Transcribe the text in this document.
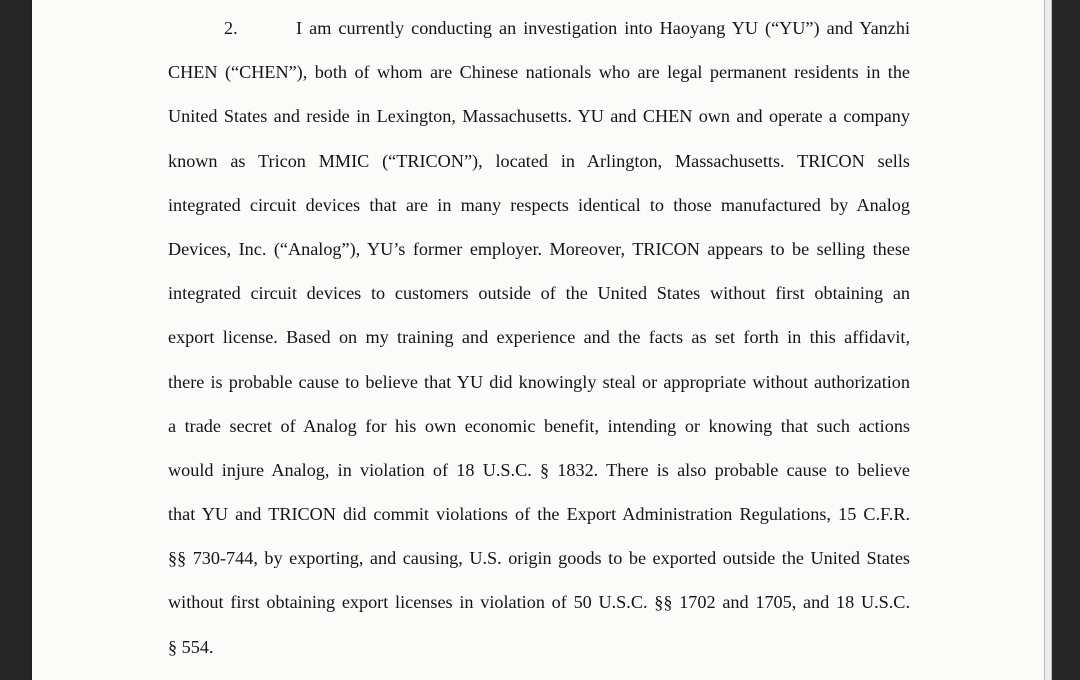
2.	I am currently conducting an investigation into Haoyang YU (“YU”) and Yanzhi
CHEN (“CHEN”), both of whom are Chinese nationals who are legal permanent residents in the
United States and reside in Lexington, Massachusetts. YU and CHEN own and operate a company
known as Tricon MMIC (“TRICON”), located in Arlington, Massachusetts. TRICON sells
integrated circuit devices that are in many respects identical to those manufactured by Analog
Devices, Inc. (“Analog”), YU’s former employer. Moreover, TRICON appears to be selling these
integrated circuit devices to customers outside of the United States without first obtaining an
export license. Based on my training and experience and the facts as set forth in this affidavit,
there is probable cause to believe that YU did knowingly steal or appropriate without authorization
a trade secret of Analog for his own economic benefit, intending or knowing that such actions
would injure Analog, in violation of 18 U.S.C. § 1832. There is also probable cause to believe
that YU and TRICON did commit violations of the Export Administration Regulations, 15 C.F.R.
§§ 730-744, by exporting, and causing, U.S. origin goods to be exported outside the United States
without first obtaining export licenses in violation of 50 U.S.C. §§ 1702 and 1705, and 18 U.S.C.
§ 554.
